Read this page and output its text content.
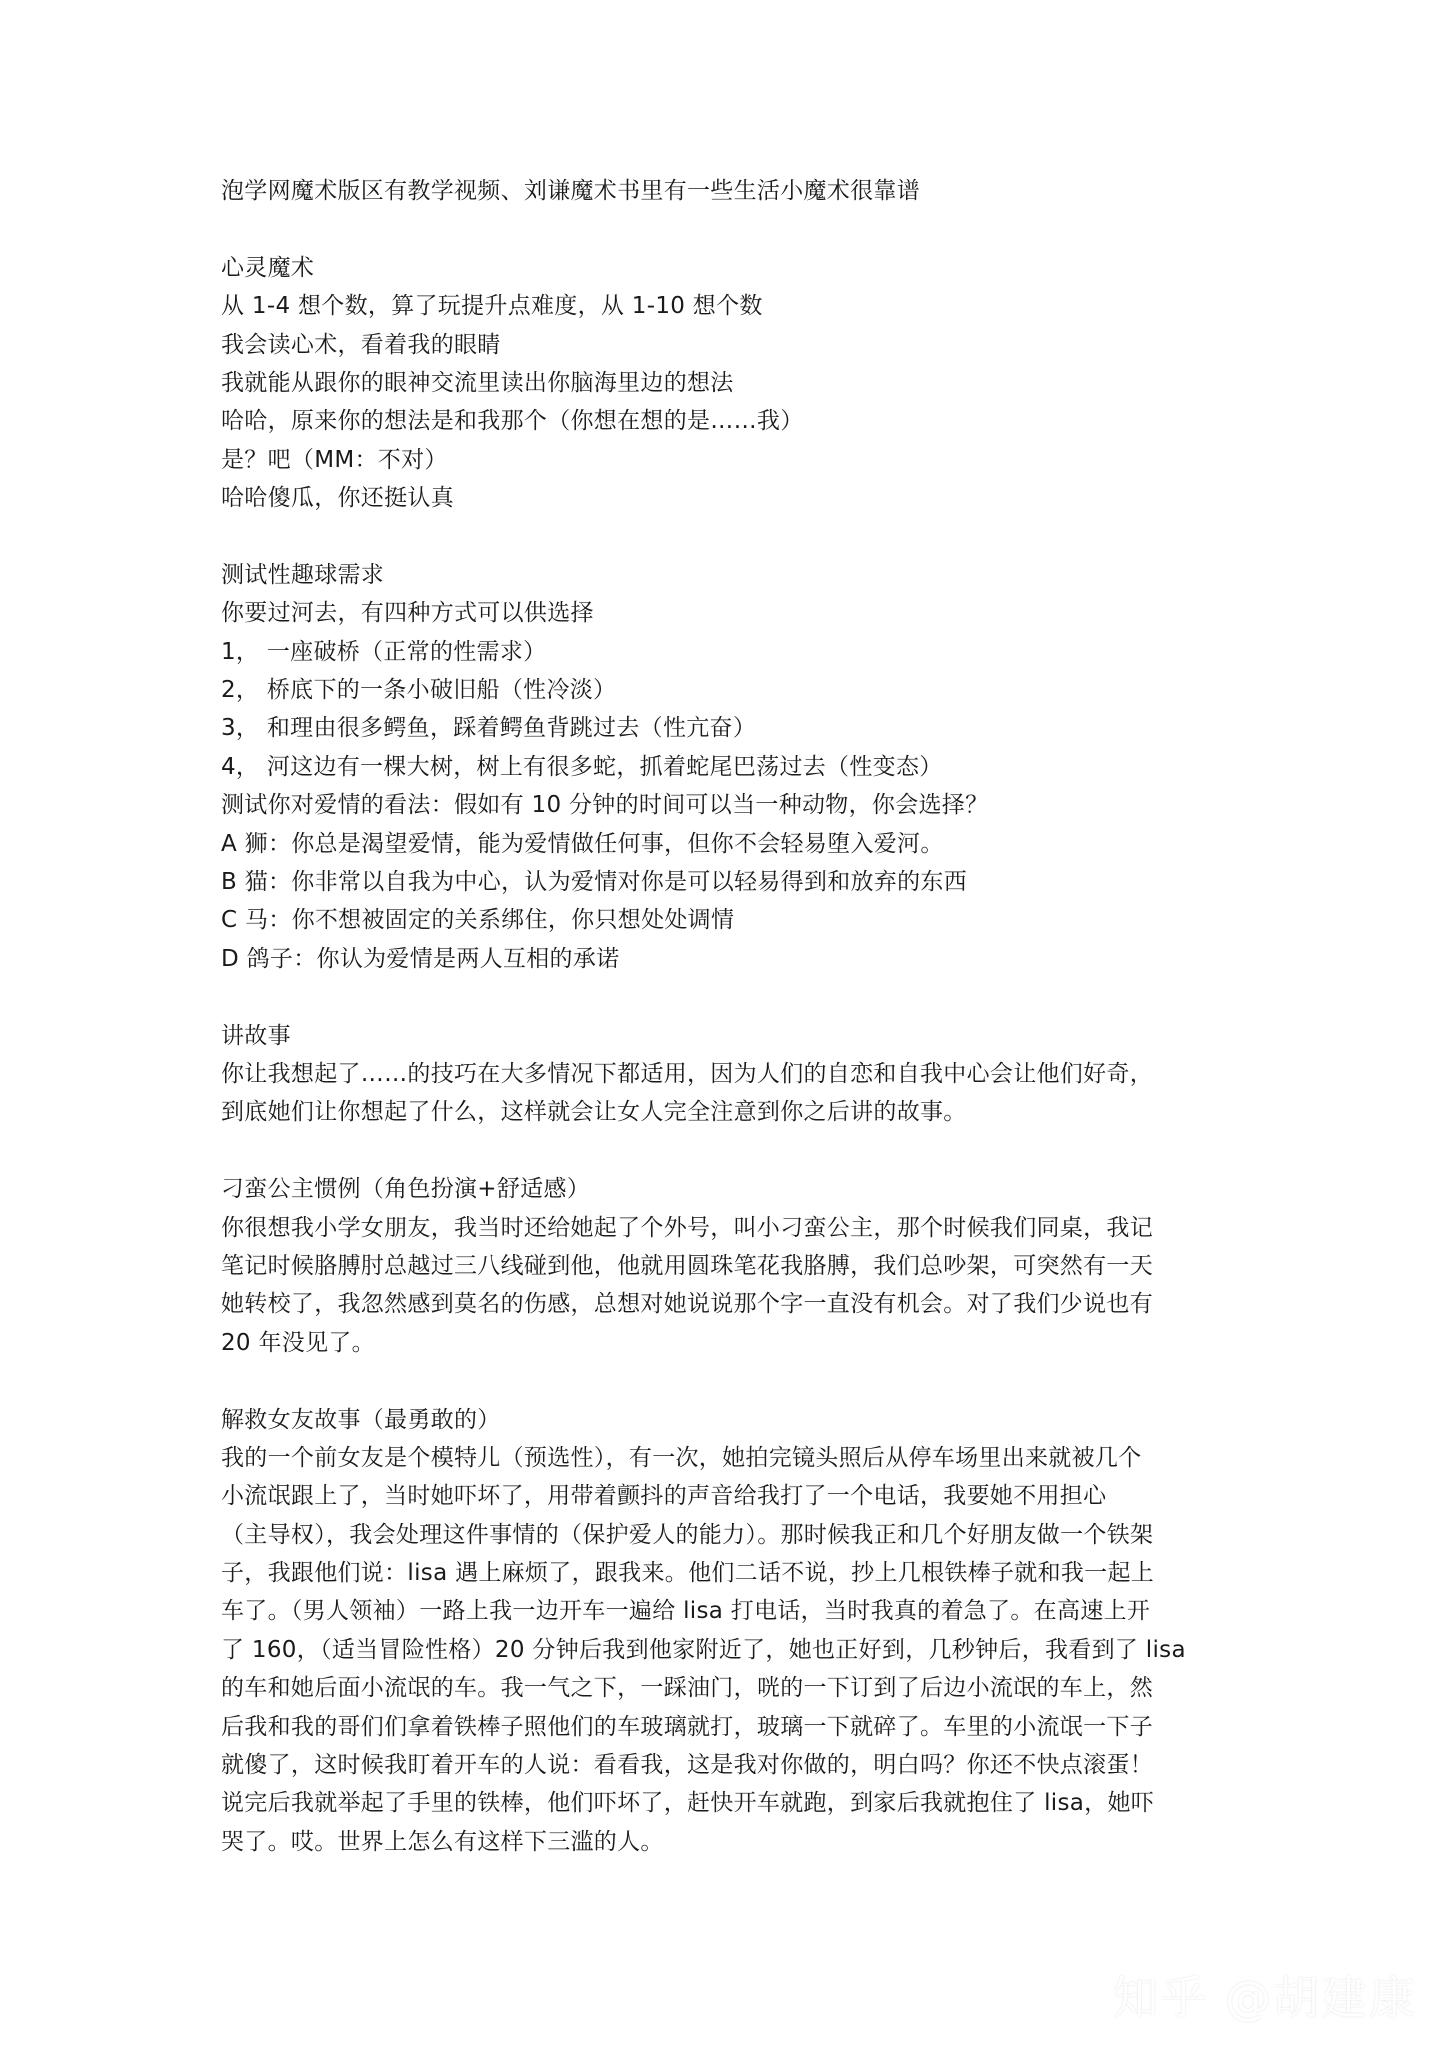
泡学网魔术版区有教学视频、刘谦魔术书里有一些生活小魔术很靠谱
心灵魔术
从 1-4 想个数，算了玩提升点难度，从 1-10 想个数
我会读心术，看着我的眼睛
我就能从跟你的眼神交流里读出你脑海里边的想法
哈哈，原来你的想法是和我那个（你想在想的是……我）
是？吧（MM：不对）
哈哈傻瓜，你还挺认真
测试性趣球需求
你要过河去，有四种方式可以供选择
1， 一座破桥（正常的性需求）
2， 桥底下的一条小破旧船（性冷淡）
3， 和理由很多鳄鱼，踩着鳄鱼背跳过去（性亢奋）
4， 河这边有一棵大树，树上有很多蛇，抓着蛇尾巴荡过去（性变态）
测试你对爱情的看法：假如有 10 分钟的时间可以当一种动物，你会选择？
A 狮：你总是渴望爱情，能为爱情做任何事，但你不会轻易堕入爱河。
B 猫：你非常以自我为中心，认为爱情对你是可以轻易得到和放弃的东西
C 马：你不想被固定的关系绑住，你只想处处调情
D 鸽子：你认为爱情是两人互相的承诺
讲故事
你让我想起了……的技巧在大多情况下都适用，因为人们的自恋和自我中心会让他们好奇，
到底她们让你想起了什么，这样就会让女人完全注意到你之后讲的故事。
刁蛮公主惯例（角色扮演+舒适感）
你很想我小学女朋友，我当时还给她起了个外号，叫小刁蛮公主，那个时候我们同桌，我记
笔记时候胳膊肘总越过三八线碰到他，他就用圆珠笔花我胳膊，我们总吵架，可突然有一天
她转校了，我忽然感到莫名的伤感，总想对她说说那个字一直没有机会。对了我们少说也有
20 年没见了。
解救女友故事（最勇敢的）
我的一个前女友是个模特儿（预选性），有一次，她拍完镜头照后从停车场里出来就被几个
小流氓跟上了，当时她吓坏了，用带着颤抖的声音给我打了一个电话，我要她不用担心
（主导权），我会处理这件事情的（保护爱人的能力）。那时候我正和几个好朋友做一个铁架
子，我跟他们说：lisa 遇上麻烦了，跟我来。他们二话不说，抄上几根铁棒子就和我一起上
车了。（男人领袖）一路上我一边开车一遍给 lisa 打电话，当时我真的着急了。在高速上开
了 160，（适当冒险性格）20 分钟后我到他家附近了，她也正好到，几秒钟后，我看到了 lisa
的车和她后面小流氓的车。我一气之下，一踩油门，咣的一下订到了后边小流氓的车上，然
后我和我的哥们们拿着铁棒子照他们的车玻璃就打，玻璃一下就碎了。车里的小流氓一下子
就傻了，这时候我盯着开车的人说：看看我，这是我对你做的，明白吗？你还不快点滚蛋！
说完后我就举起了手里的铁棒，他们吓坏了，赶快开车就跑，到家后我就抱住了 lisa，她吓
哭了。哎。世界上怎么有这样下三滥的人。
知乎 @胡建康
